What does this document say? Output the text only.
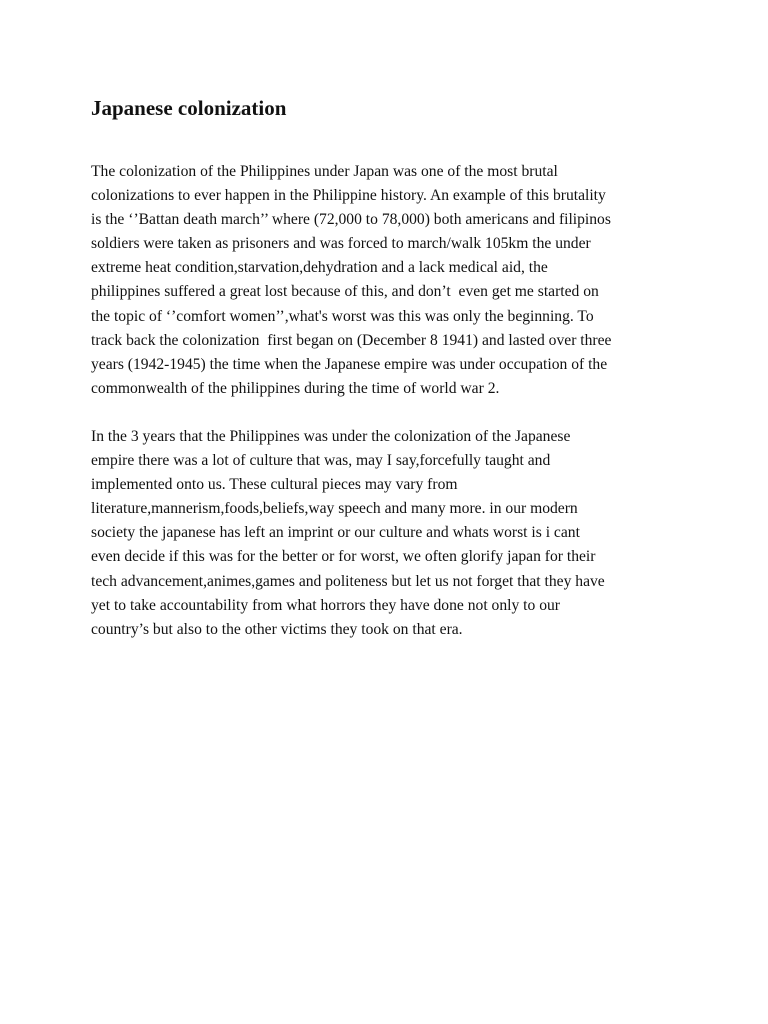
Japanese colonization

The colonization of the Philippines under Japan was one of the most brutal
colonizations to ever happen in the Philippine history. An example of this brutality
is the ‘’Battan death march’’ where (72,000 to 78,000) both americans and filipinos
soldiers were taken as prisoners and was forced to march/walk 105km the under
extreme heat condition,starvation,dehydration and a lack medical aid, the
philippines suffered a great lost because of this, and don’t  even get me started on
the topic of ‘’comfort women’’,what's worst was this was only the beginning. To
track back the colonization  first began on (December 8 1941) and lasted over three
years (1942-1945) the time when the Japanese empire was under occupation of the
commonwealth of the philippines during the time of world war 2.

In the 3 years that the Philippines was under the colonization of the Japanese
empire there was a lot of culture that was, may I say,forcefully taught and
implemented onto us. These cultural pieces may vary from
literature,mannerism,foods,beliefs,way speech and many more. in our modern
society the japanese has left an imprint or our culture and whats worst is i cant
even decide if this was for the better or for worst, we often glorify japan for their
tech advancement,animes,games and politeness but let us not forget that they have
yet to take accountability from what horrors they have done not only to our
country’s but also to the other victims they took on that era.
